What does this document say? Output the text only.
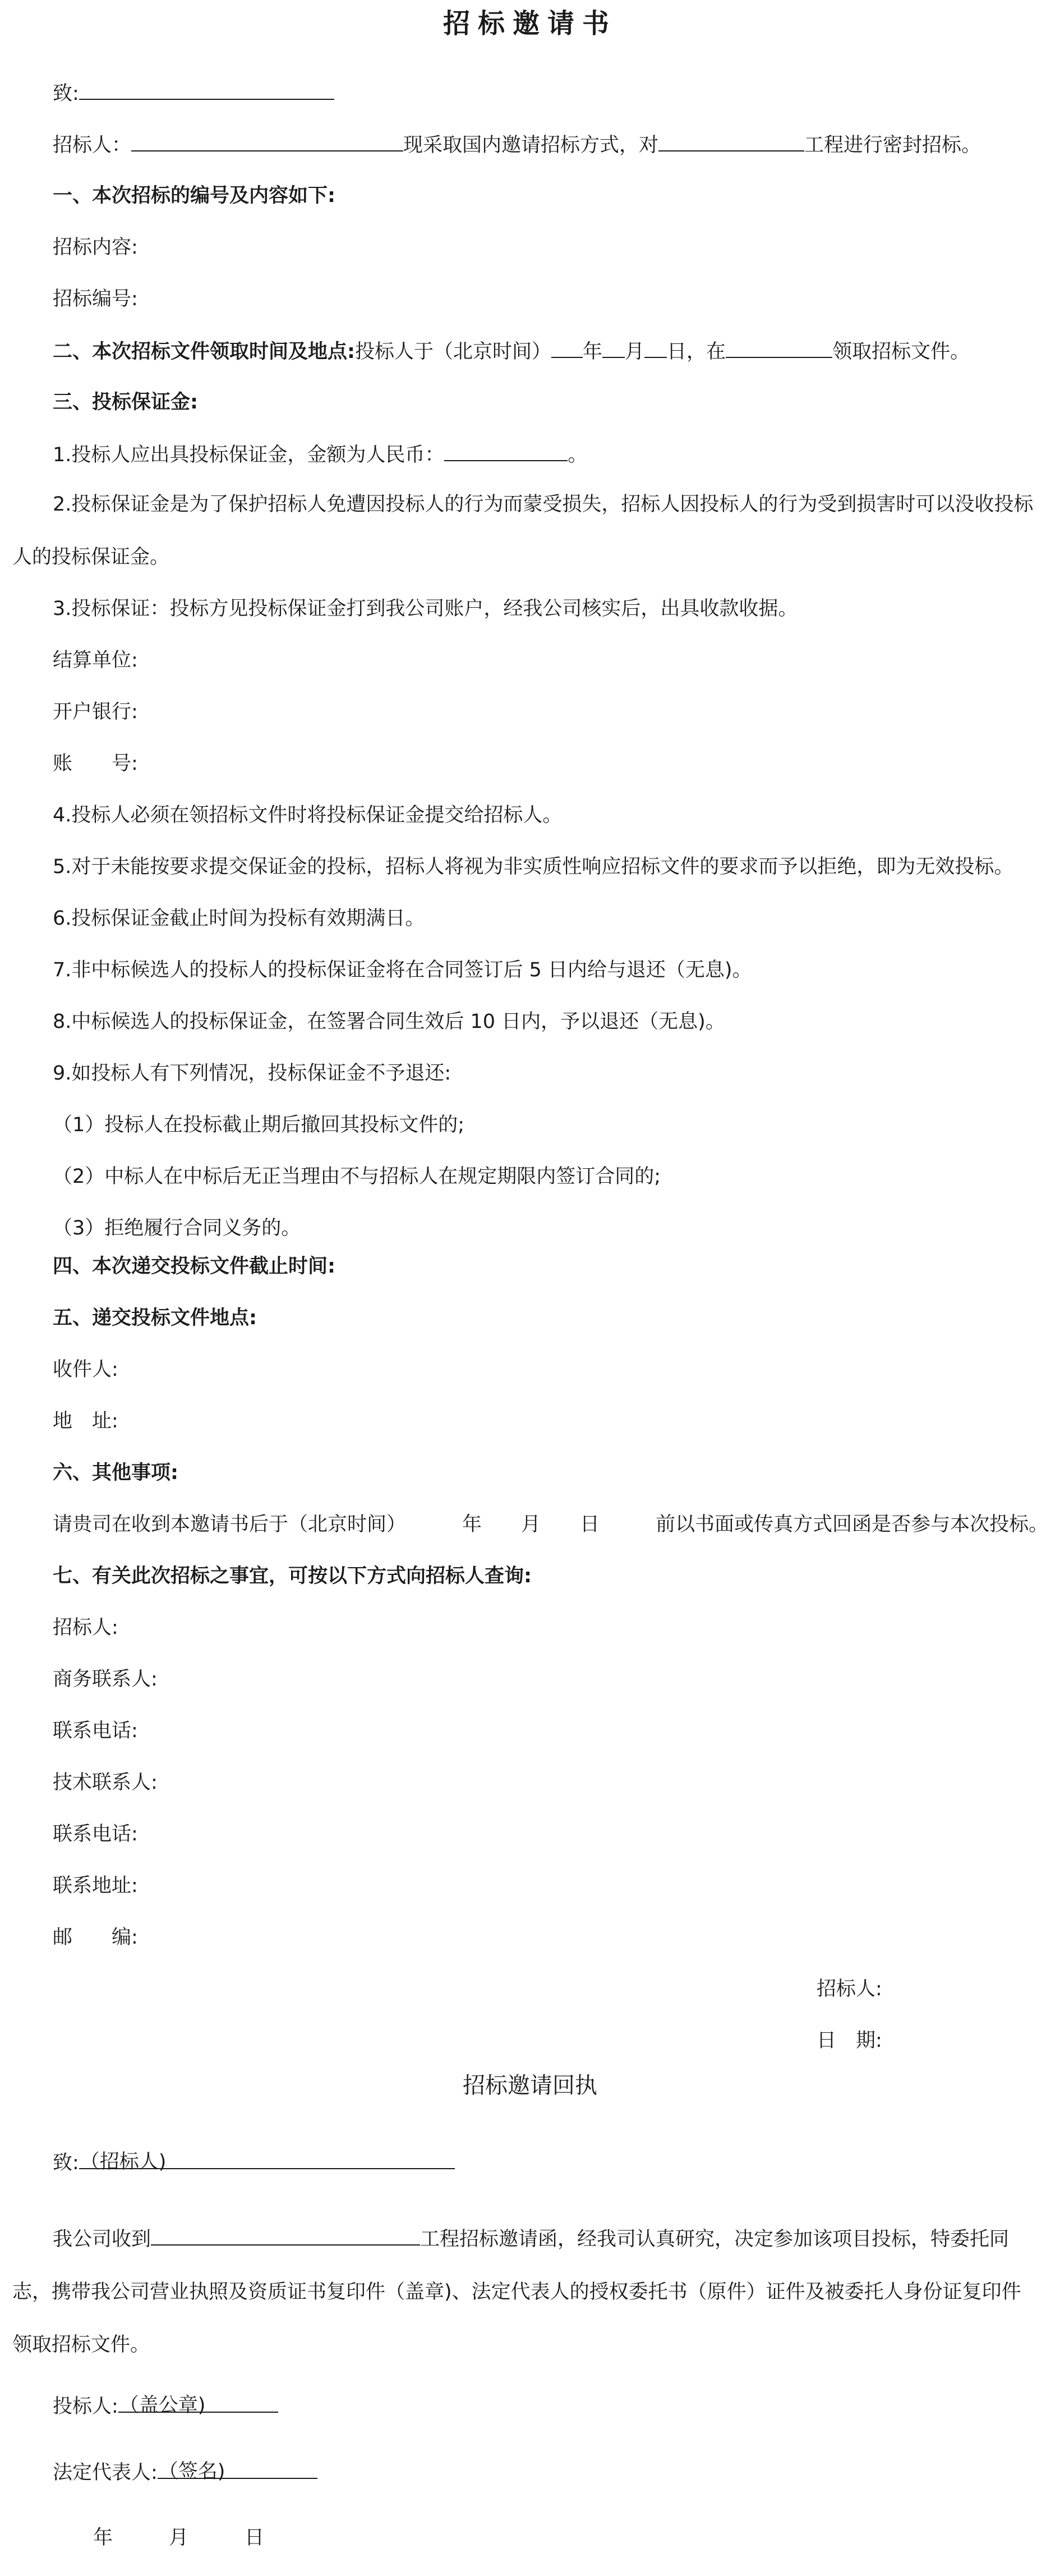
招标邀请书
致:
招标人：	现采取国内邀请招标方式，对	工程进行密封招标。
一、本次招标的编号及内容如下:
招标内容:
招标编号:
二、本次招标文件领取时间及地点:投标人于（北京时间） 年 月 日，在	领取招标文件。
三、投标保证金:
1.投标人应出具投标保证金，金额为人民币：	。
2.投标保证金是为了保护招标人免遭因投标人的行为而蒙受损失，招标人因投标人的行为受到损害时可以没收投标人的投标保证金。
3.投标保证：投标方见投标保证金打到我公司账户，经我公司核实后，出具收款收据。
结算单位:
开户银行:
账　　号:
4.投标人必须在领招标文件时将投标保证金提交给招标人。
5.对于未能按要求提交保证金的投标，招标人将视为非实质性响应招标文件的要求而予以拒绝，即为无效投标。
6.投标保证金截止时间为投标有效期满日。
7.非中标候选人的投标人的投标保证金将在合同签订后 5 日内给与退还（无息)。
8.中标候选人的投标保证金，在签署合同生效后 10 日内，予以退还（无息)。
9.如投标人有下列情况，投标保证金不予退还:
（1）投标人在投标截止期后撤回其投标文件的;
（2）中标人在中标后无正当理由不与招标人在规定期限内签订合同的;
（3）拒绝履行合同义务的。
四、本次递交投标文件截止时间:
五、递交投标文件地点:
收件人:
地　址:
六、其他事项:
请贵司在收到本邀请书后于（北京时间）	年 月 日	前以书面或传真方式回函是否参与本次投标。
七、有关此次招标之事宜，可按以下方式向招标人查询:
招标人:
商务联系人:
联系电话:
技术联系人:
联系电话:
联系地址:
邮　　编:
招标人:
日　期:
招标邀请回执
致: （招标人)
我公司收到	工程招标邀请函，经我司认真研究，决定参加该项目投标，特委托同志，携带我公司营业执照及资质证书复印件（盖章)、法定代表人的授权委托书（原件）证件及被委托人身份证复印件领取招标文件。
投标人: （盖公章)
法定代表人: （签名)
年	月	日
